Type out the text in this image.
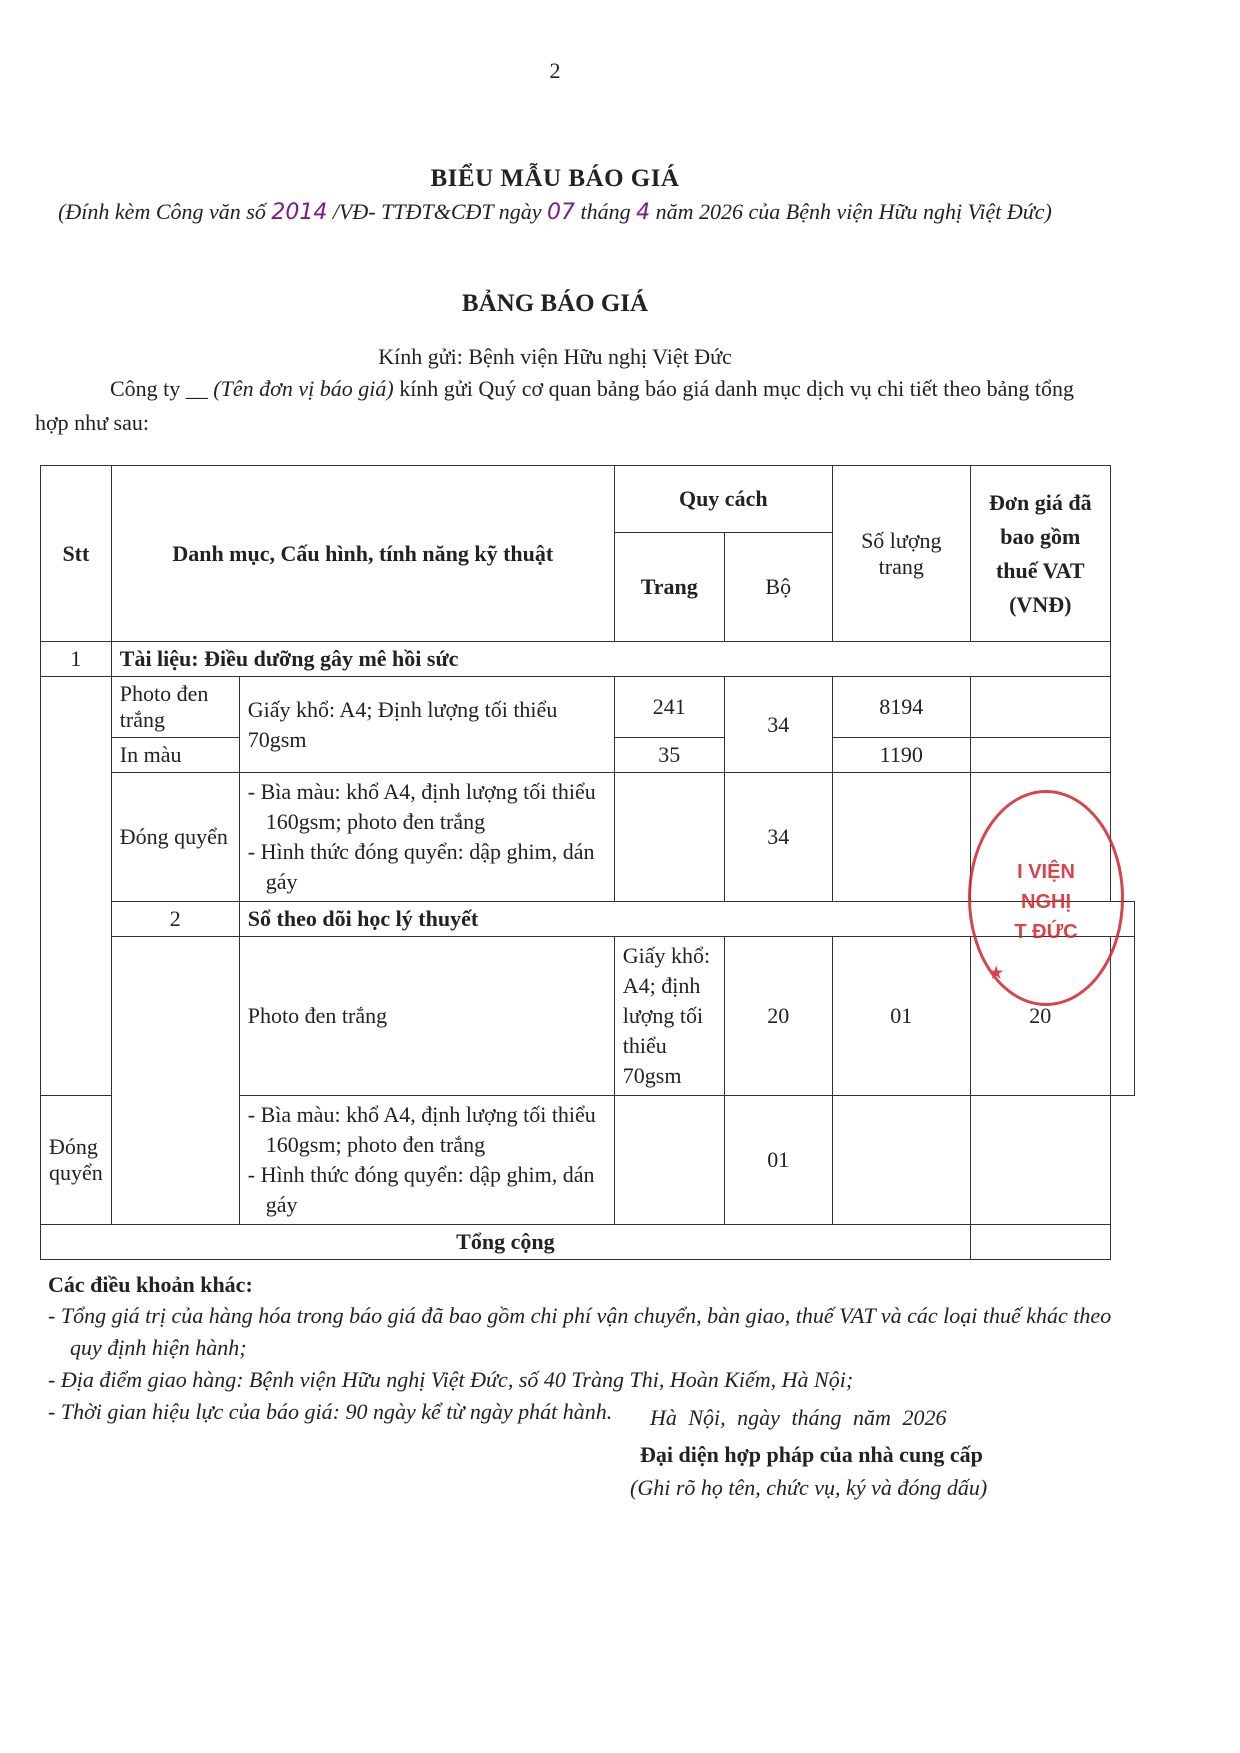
2
BIỂU MẪU BÁO GIÁ
(Đính kèm Công văn số 2014 /VĐ- TTĐT&CĐT ngày 07 tháng 4 năm 2026 của Bệnh viện Hữu nghị Việt Đức)
BẢNG BÁO GIÁ
Kính gửi: Bệnh viện Hữu nghị Việt Đức
Công ty __ (Tên đơn vị báo giá) kính gửi Quý cơ quan bảng báo giá danh mục dịch vụ chi tiết theo bảng tổng hợp như sau:
Stt	Danh mục, Cấu hình, tính năng kỹ thuật		Quy cách		Số lượng trang	Đơn giá đã bao gồm thuế VAT (VNĐ)	
			Trang	Bộ			
1	Tài liệu: Điều dưỡng gây mê hồi sức						
	Photo đen trắng	Giấy khổ: A4; Định lượng tối thiểu 70gsm	241	34	8194		
	In màu		35		1190		
	Đóng quyển	- Bìa màu: khổ A4, định lượng tối thiểu 160gsm; photo đen trắng
- Hình thức đóng quyển: dập ghim, dán gáy		34			
	2	Sổ theo dõi học lý thuyết					
		Photo đen trắng	Giấy khổ: A4; định lượng tối thiểu 70gsm	20	01	20	
Đóng quyển		- Bìa màu: khổ A4, định lượng tối thiểu 160gsm; photo đen trắng
- Hình thức đóng quyển: dập ghim, dán gáy		01			
Tổng cộng							
I VIỆN
NGHỊ
T ĐỨC
★
Các điều khoản khác:
- Tổng giá trị của hàng hóa trong báo giá đã bao gồm chi phí vận chuyển, bàn giao, thuế VAT và các loại thuế khác theo quy định hiện hành;
- Địa điểm giao hàng: Bệnh viện Hữu nghị Việt Đức, số 40 Tràng Thi, Hoàn Kiếm, Hà Nội;
- Thời gian hiệu lực của báo giá: 90 ngày kể từ ngày phát hành.	Hà Nội, ngày tháng năm 2026
Đại diện hợp pháp của nhà cung cấp
(Ghi rõ họ tên, chức vụ, ký và đóng dấu)
